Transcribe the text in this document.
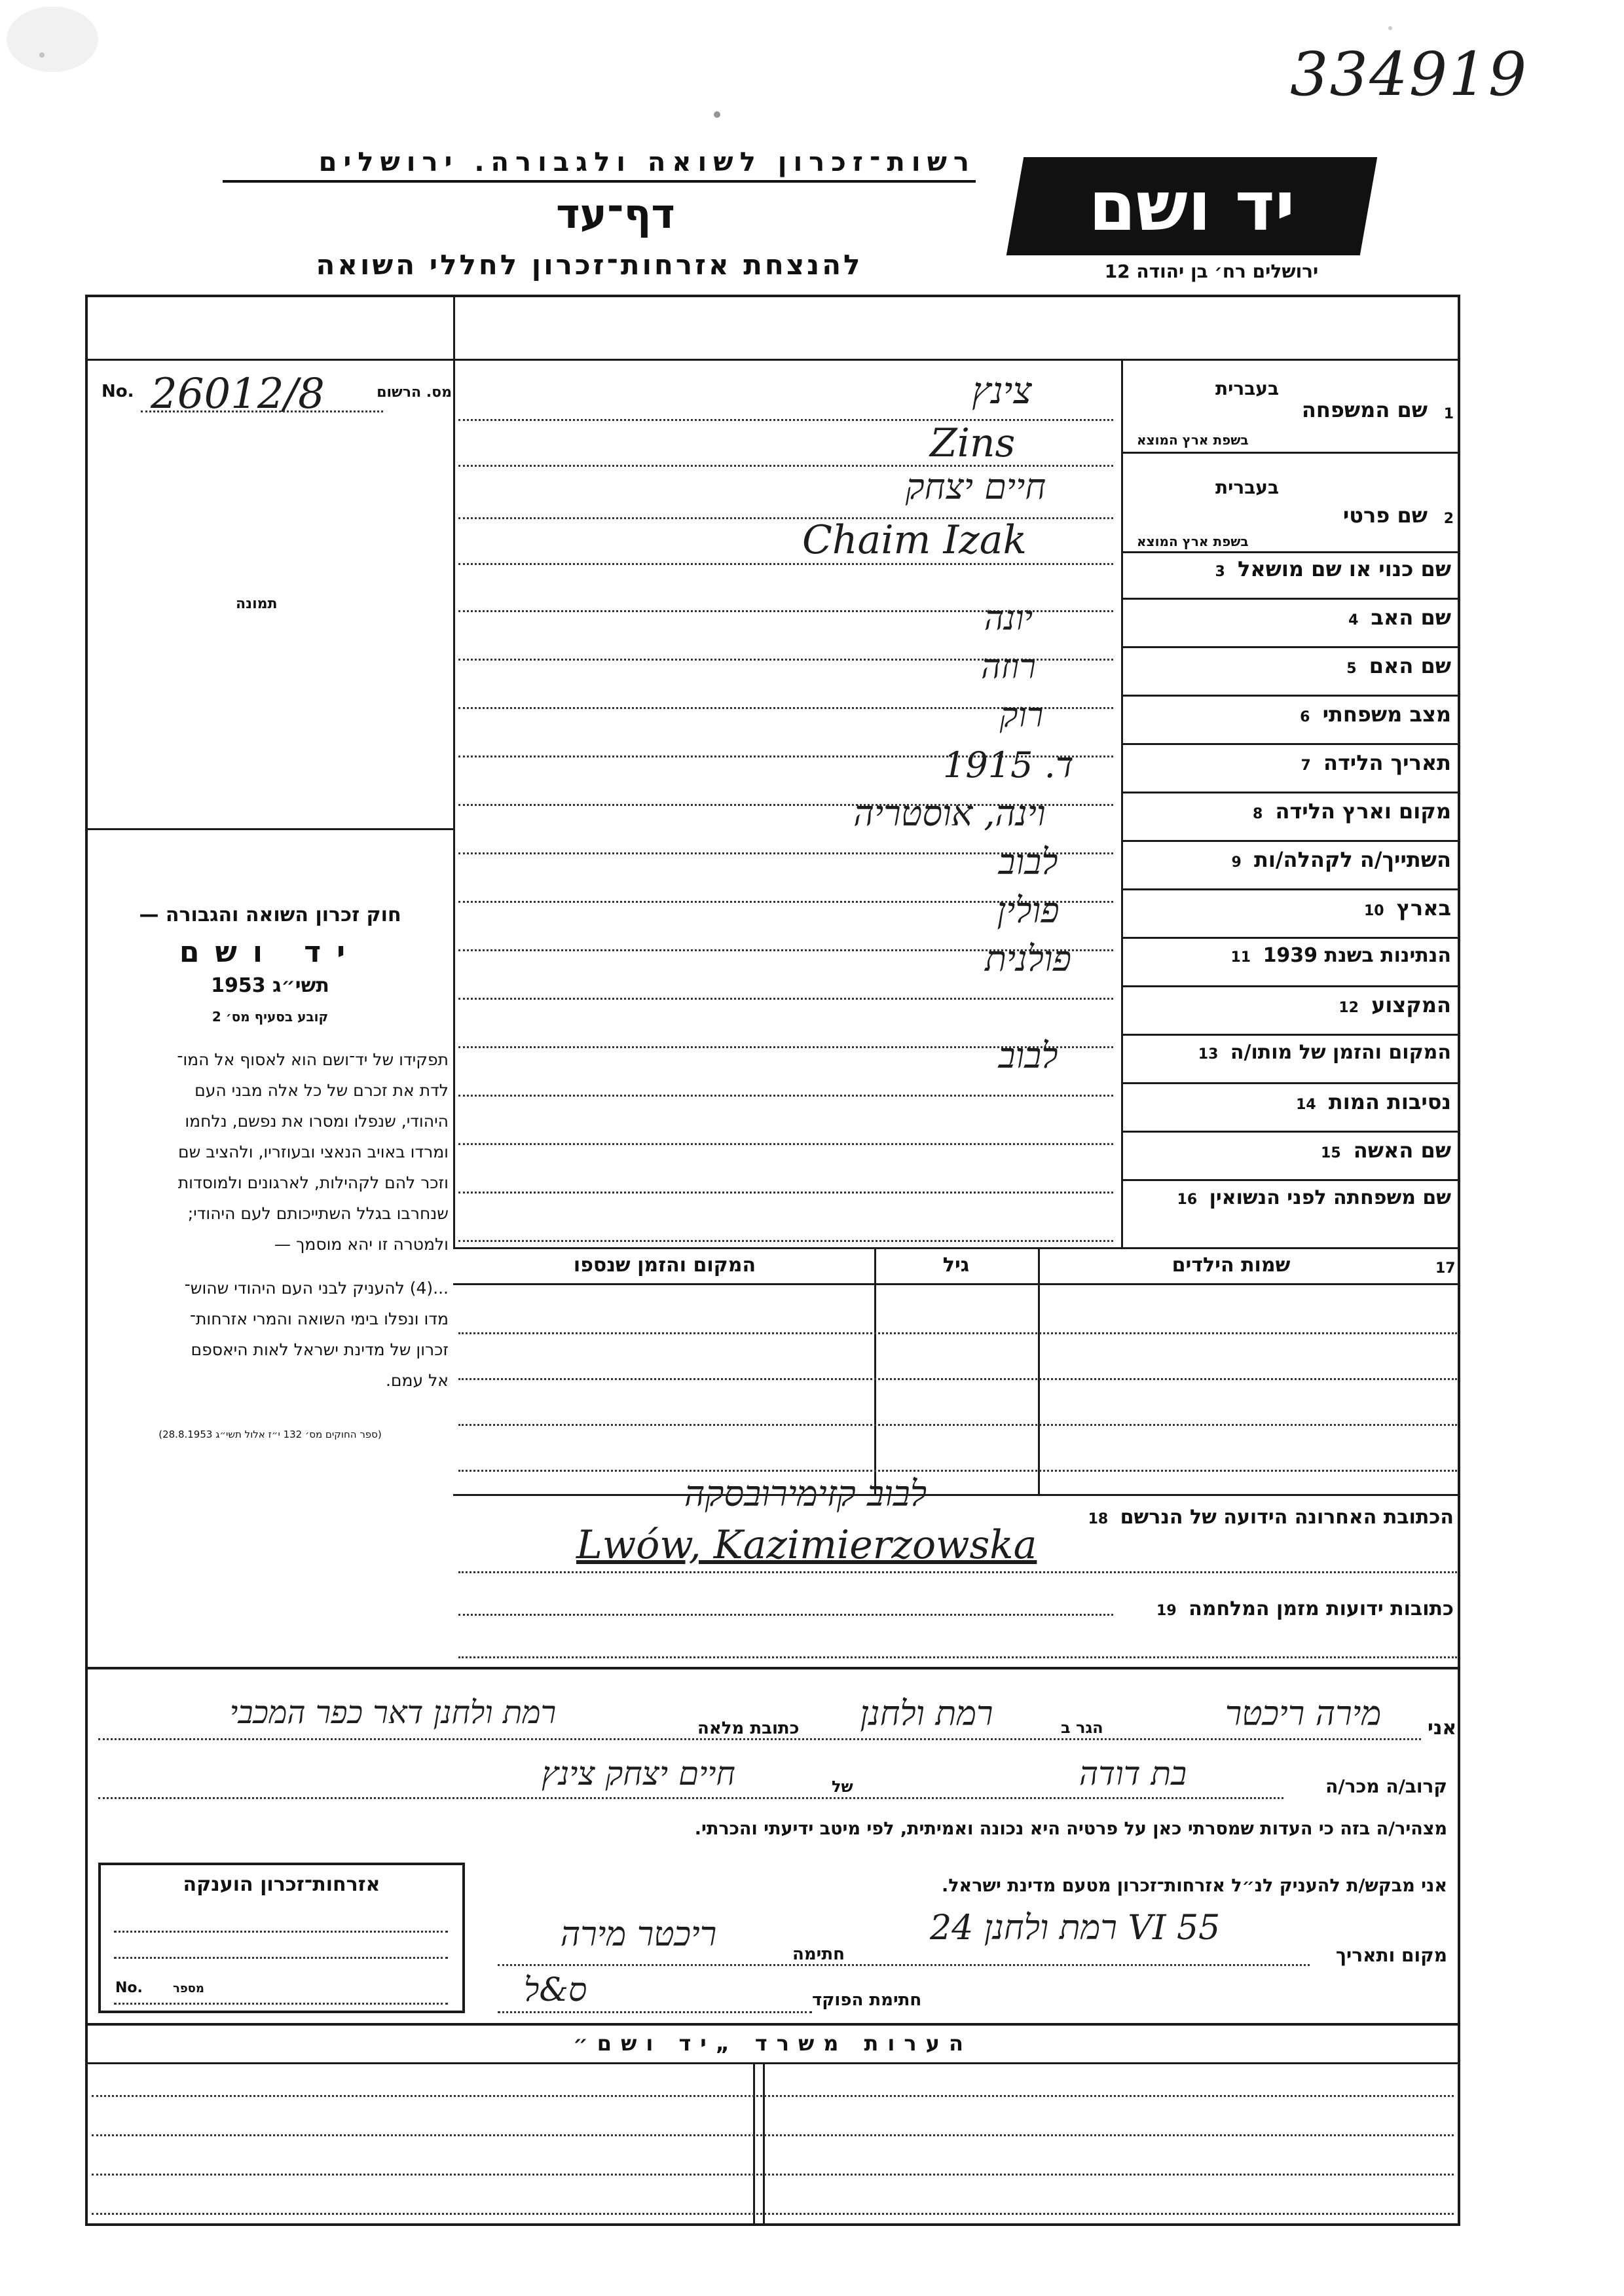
334919
רשות־זכרון לשואה ולגבורה. ירושלים
דף־עד
להנצחת אזרחות־זכרון לחללי השואה
יד ושם
ירושלים רח׳ בן יהודה 12
No. 26012/8	מס. הרשום
תמונה
חוק זכרון השואה והגבורה —
יד ושם
תשי״ג 1953
קובע בסעיף מס׳ 2
תפקידו של יד־ושם הוא לאסוף אל המו־
לדת את זכרם של כל אלה מבני העם
היהודי, שנפלו ומסרו את נפשם, נלחמו
ומרדו באויב הנאצי ובעוזריו, ולהציב שם
וזכר להם לקהילות, לארגונים ולמוסדות
שנחרבו בגלל השתייכותם לעם היהודי;
ולמטרה זו יהא מוסמך —
...(4) להעניק לבני העם היהודי שהוש־
מדו ונפלו בימי השואה והמרי אזרחות־
זכרון של מדינת ישראל לאות היאספם
אל עמם.
(ספר החוקים מס׳ 132 י״ז אלול תשי״ג 28.8.1953)
1
שם המשפחה
בעברית
בשפת ארץ המוצא
צינץ
Zins
2
שם פרטי
בעברית
בשפת ארץ המוצא
חיים יצחק
Chaim Izak
שם כנוי או שם מושאל 3
שם האב 4
יונה
שם האם 5
רוזה
מצב משפחתי 6
רוק
תאריך הלידה 7
1915 .ד
מקום וארץ הלידה 8
וינה, אוסטריה
השתייך/ה לקהלה/ות 9
לבוב
בארץ 10
פולין
הנתינות בשנת 1939 11
פולנית
המקצוע 12
המקום והזמן של מותו/ה 13
לבוב
נסיבות המות 14
שם האשה 15
שם משפחתה לפני הנשואין 16
17
שמות הילדים
גיל
המקום והזמן שנספו
הכתובת האחרונה הידועה של הנרשם 18
לבוב קזימירובסקה
Lwów, Kazimierzowska
כתובות ידועות מזמן המלחמה 19
אני
מירה ריכטר
הגר ב
רמת ולחנן
כתובת מלאה
רמת ולחנן דאר כפר המכבי
קרוב/ה מכר/ה
בת דודה
של
חיים יצחק צינץ
מצהיר/ה בזה כי העדות שמסרתי כאן על פרטיה היא נכונה ואמיתית, לפי מיטב ידיעתי והכרתי.
אני מבקש/ת להעניק לנ״ל אזרחות־זכרון מטעם מדינת ישראל.
אזרחות־זכרון הוענקה
No.	מספר
מקום ותאריך
רמת ולחנן 24 VI 55
חתימה
ריכטר מירה
חתימת הפוקד
ס&ל
הערות משרד „יד ושם״
